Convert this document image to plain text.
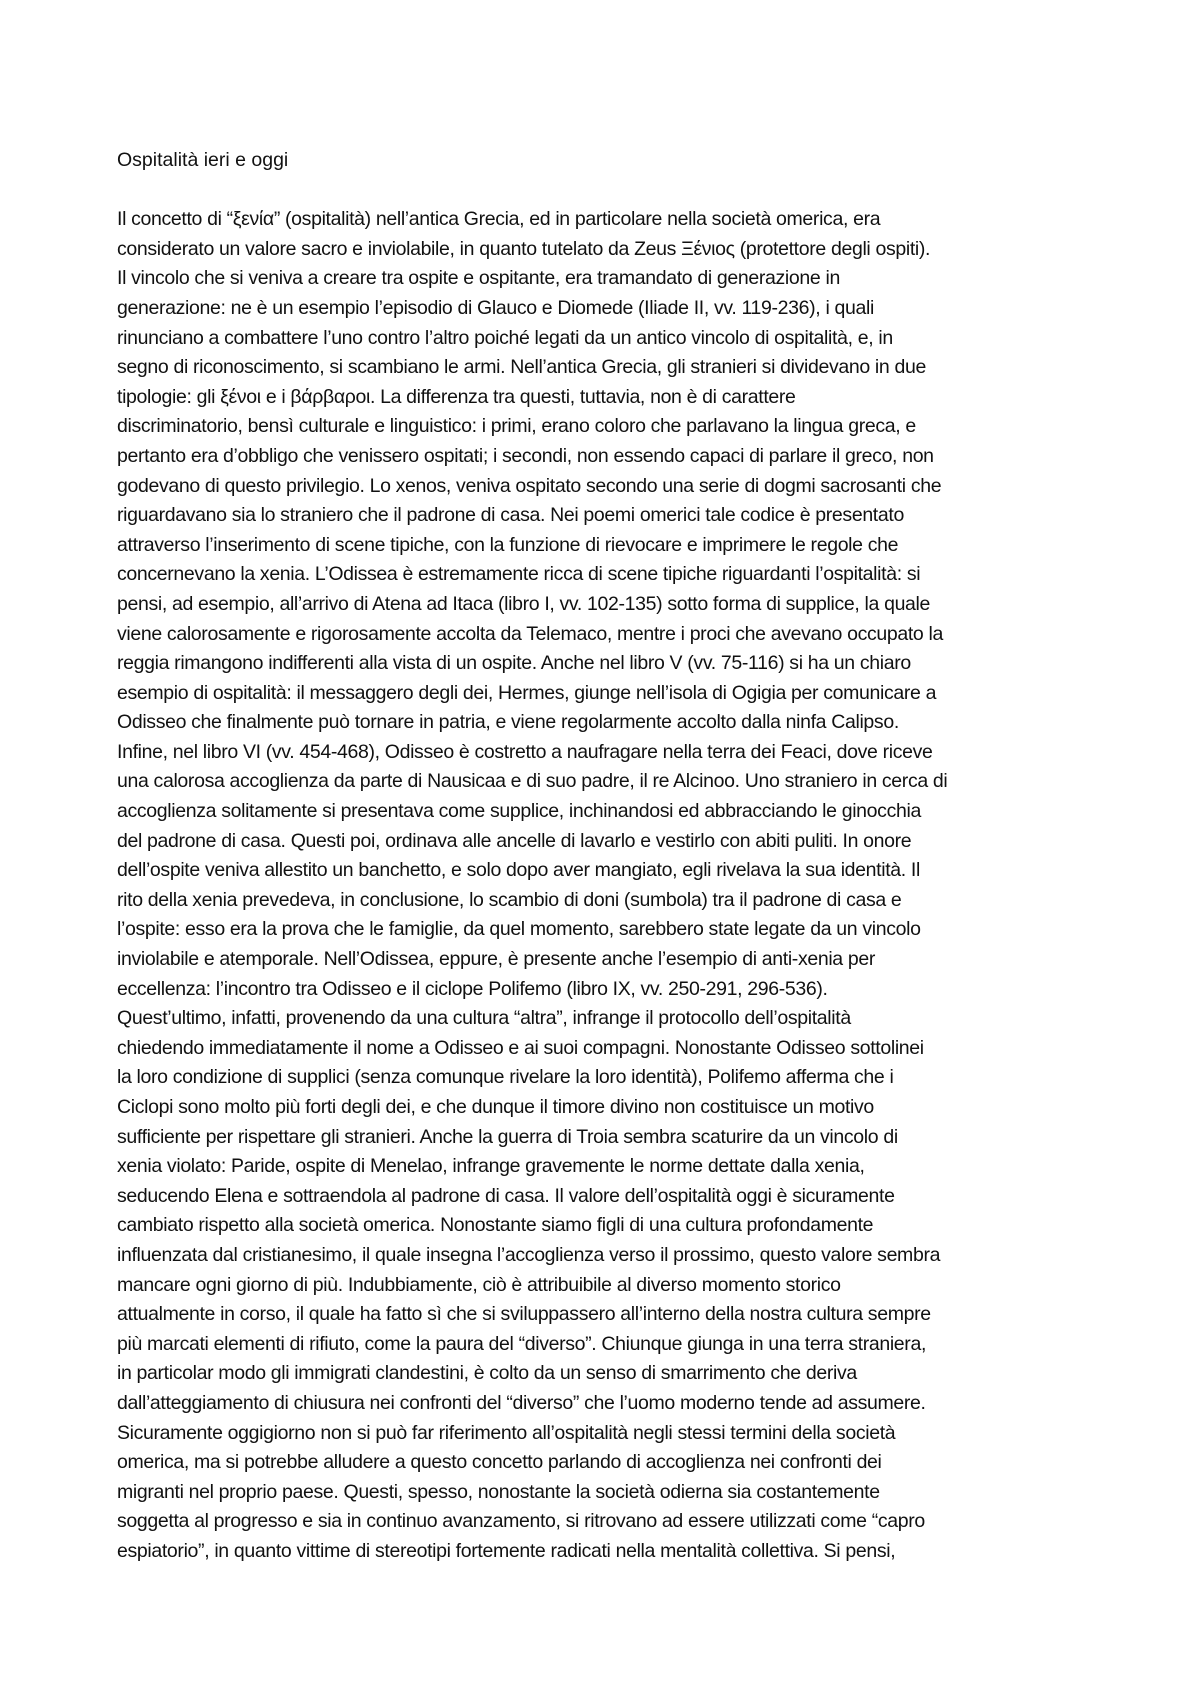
Ospitalità ieri e oggi
Il concetto di “ξενία” (ospitalità) nell’antica Grecia, ed in particolare nella società omerica, era
considerato un valore sacro e inviolabile, in quanto tutelato da Zeus Ξένιος (protettore degli ospiti).
Il vincolo che si veniva a creare tra ospite e ospitante, era tramandato di generazione in
generazione: ne è un esempio l’episodio di Glauco e Diomede (Iliade II, vv. 119-236), i quali
rinunciano a combattere l’uno contro l’altro poiché legati da un antico vincolo di ospitalità, e, in
segno di riconoscimento, si scambiano le armi. Nell’antica Grecia, gli stranieri si dividevano in due
tipologie: gli ξένοι e i βάρβαροι. La differenza tra questi, tuttavia, non è di carattere
discriminatorio, bensì culturale e linguistico: i primi, erano coloro che parlavano la lingua greca, e
pertanto era d’obbligo che venissero ospitati; i secondi, non essendo capaci di parlare il greco, non
godevano di questo privilegio. Lo xenos, veniva ospitato secondo una serie di dogmi sacrosanti che
riguardavano sia lo straniero che il padrone di casa. Nei poemi omerici tale codice è presentato
attraverso l’inserimento di scene tipiche, con la funzione di rievocare e imprimere le regole che
concernevano la xenia. L’Odissea è estremamente ricca di scene tipiche riguardanti l’ospitalità: si
pensi, ad esempio, all’arrivo di Atena ad Itaca (libro I, vv. 102-135) sotto forma di supplice, la quale
viene calorosamente e rigorosamente accolta da Telemaco, mentre i proci che avevano occupato la
reggia rimangono indifferenti alla vista di un ospite. Anche nel libro V (vv. 75-116) si ha un chiaro
esempio di ospitalità: il messaggero degli dei, Hermes, giunge nell’isola di Ogigia per comunicare a
Odisseo che finalmente può tornare in patria, e viene regolarmente accolto dalla ninfa Calipso.
Infine, nel libro VI (vv. 454-468), Odisseo è costretto a naufragare nella terra dei Feaci, dove riceve
una calorosa accoglienza da parte di Nausicaa e di suo padre, il re Alcinoo. Uno straniero in cerca di
accoglienza solitamente si presentava come supplice, inchinandosi ed abbracciando le ginocchia
del padrone di casa. Questi poi, ordinava alle ancelle di lavarlo e vestirlo con abiti puliti. In onore
dell’ospite veniva allestito un banchetto, e solo dopo aver mangiato, egli rivelava la sua identità. Il
rito della xenia prevedeva, in conclusione, lo scambio di doni (sumbola) tra il padrone di casa e
l’ospite: esso era la prova che le famiglie, da quel momento, sarebbero state legate da un vincolo
inviolabile e atemporale. Nell’Odissea, eppure, è presente anche l’esempio di anti-xenia per
eccellenza: l’incontro tra Odisseo e il ciclope Polifemo (libro IX, vv. 250-291, 296-536).
Quest’ultimo, infatti, provenendo da una cultura “altra”, infrange il protocollo dell’ospitalità
chiedendo immediatamente il nome a Odisseo e ai suoi compagni. Nonostante Odisseo sottolinei
la loro condizione di supplici (senza comunque rivelare la loro identità), Polifemo afferma che i
Ciclopi sono molto più forti degli dei, e che dunque il timore divino non costituisce un motivo
sufficiente per rispettare gli stranieri. Anche la guerra di Troia sembra scaturire da un vincolo di
xenia violato: Paride, ospite di Menelao, infrange gravemente le norme dettate dalla xenia,
seducendo Elena e sottraendola al padrone di casa. Il valore dell’ospitalità oggi è sicuramente
cambiato rispetto alla società omerica. Nonostante siamo figli di una cultura profondamente
influenzata dal cristianesimo, il quale insegna l’accoglienza verso il prossimo, questo valore sembra
mancare ogni giorno di più. Indubbiamente, ciò è attribuibile al diverso momento storico
attualmente in corso, il quale ha fatto sì che si sviluppassero all’interno della nostra cultura sempre
più marcati elementi di rifiuto, come la paura del “diverso”. Chiunque giunga in una terra straniera,
in particolar modo gli immigrati clandestini, è colto da un senso di smarrimento che deriva
dall’atteggiamento di chiusura nei confronti del “diverso” che l’uomo moderno tende ad assumere.
Sicuramente oggigiorno non si può far riferimento all’ospitalità negli stessi termini della società
omerica, ma si potrebbe alludere a questo concetto parlando di accoglienza nei confronti dei
migranti nel proprio paese. Questi, spesso, nonostante la società odierna sia costantemente
soggetta al progresso e sia in continuo avanzamento, si ritrovano ad essere utilizzati come “capro
espiatorio”, in quanto vittime di stereotipi fortemente radicati nella mentalità collettiva. Si pensi,
